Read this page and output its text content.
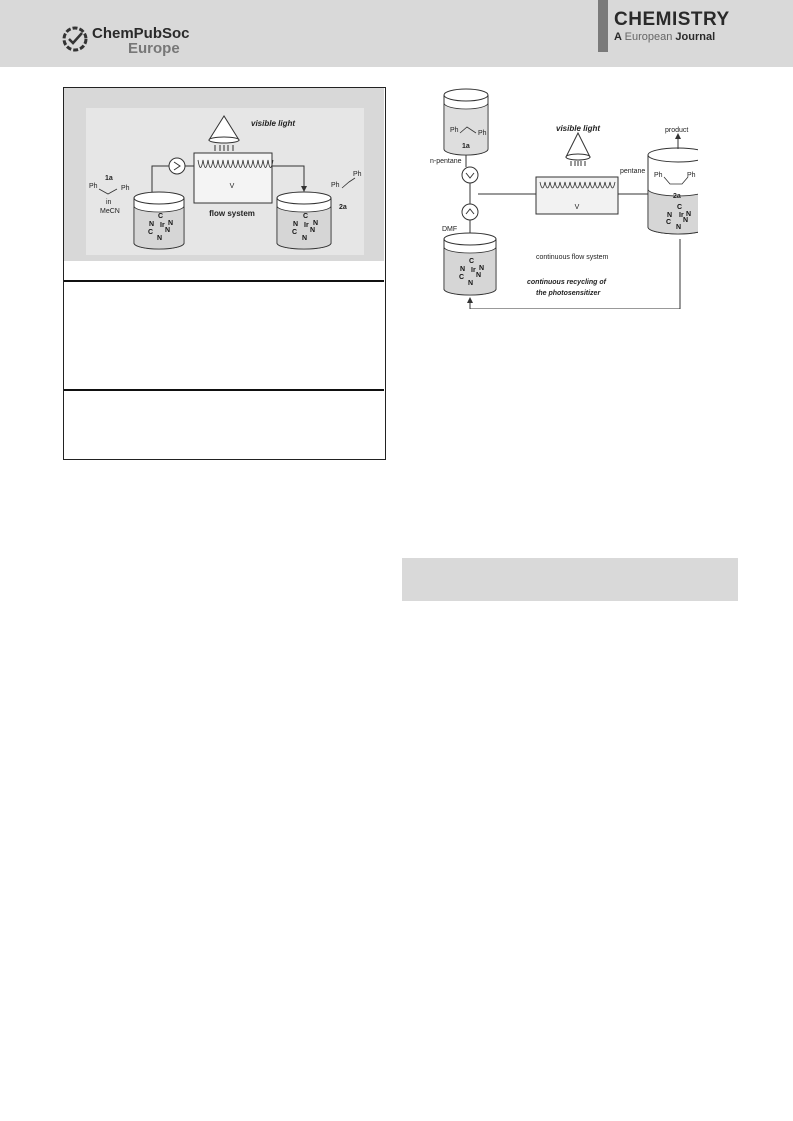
ChemPubSoc
Europe
CHEMISTRY
A European Journal
visible light
V
flow system
C
N Ir N
C N
N
C
N Ir N
C N
N
1a
Ph	Ph
in
MeCN
Ph
Ph
2a
Ph	Ph
1a
n-pentane
DMF
visible light
V
continuous flow system
C
N Ir N
C N
N	continuous recycling of
the photosensitizer
Ph	Ph
2a
pentane
product
C
N Ir N
C N
N
